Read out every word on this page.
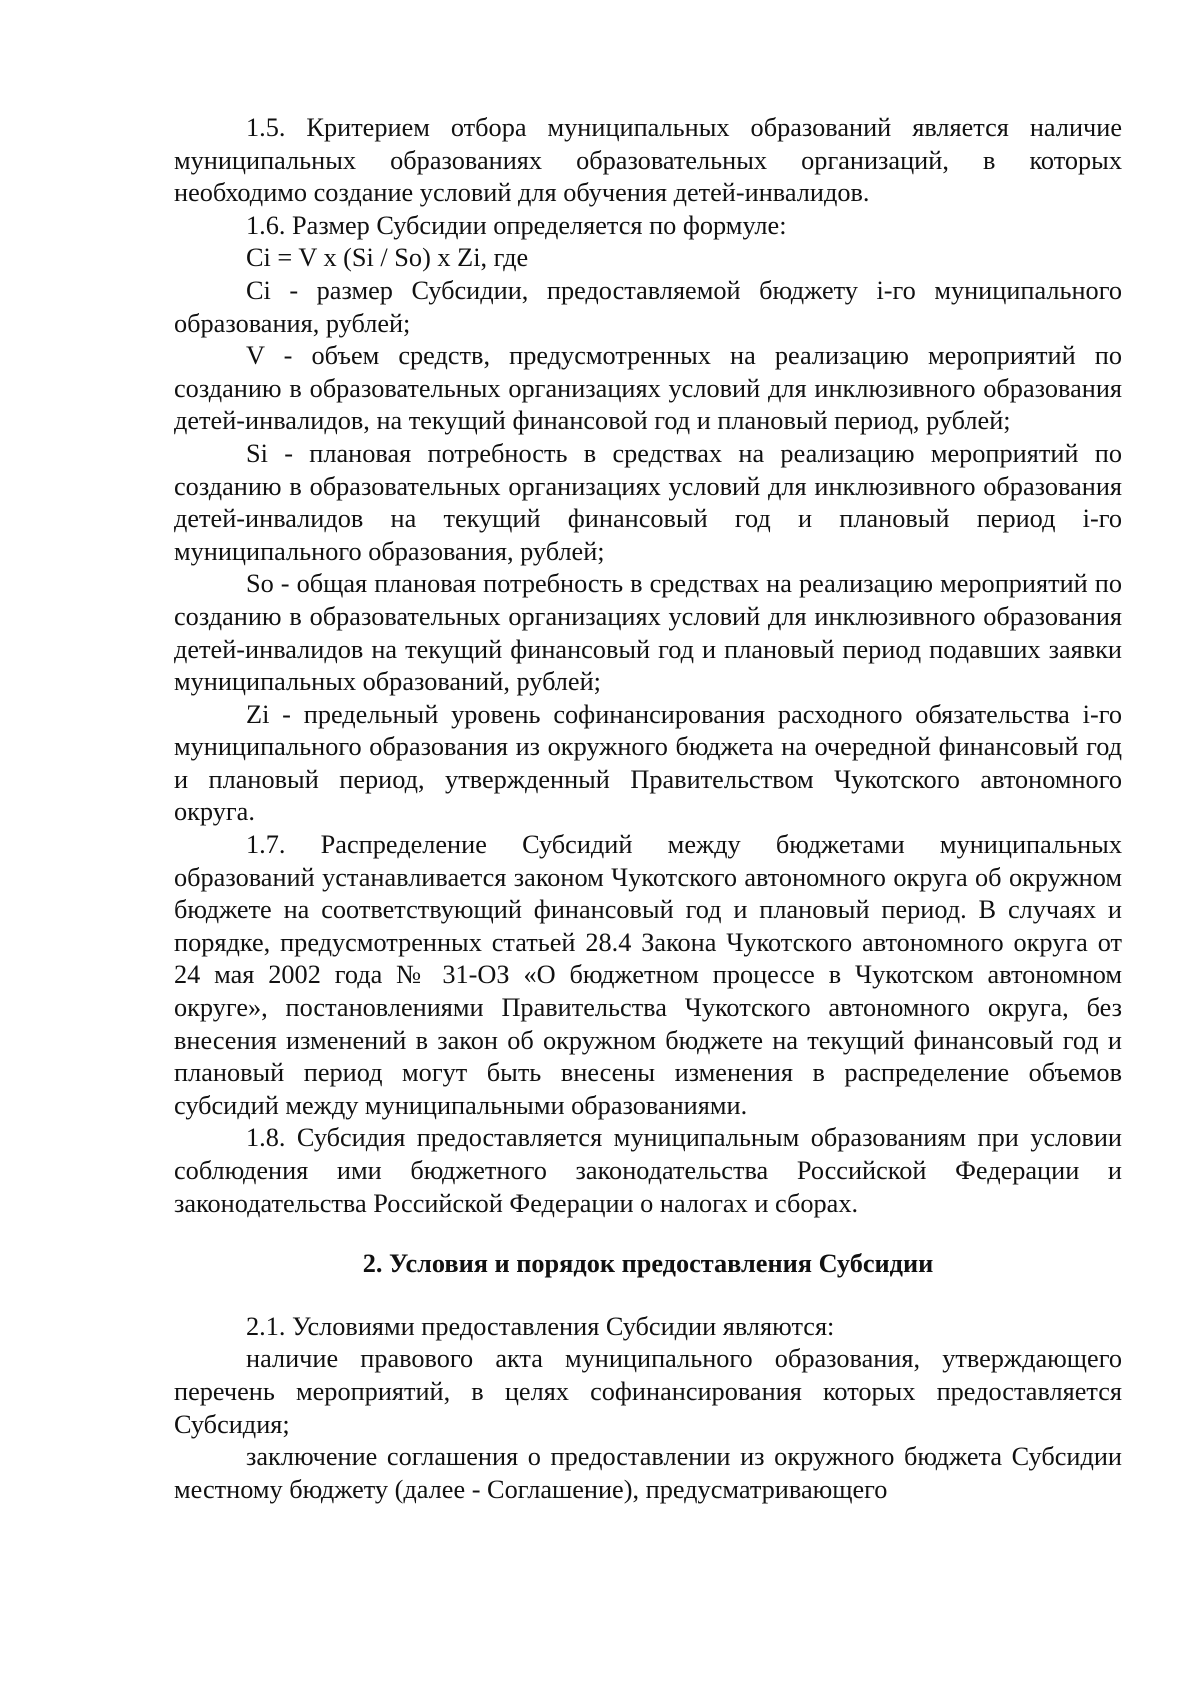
1.5. Критерием отбора муниципальных образований является наличие муниципальных образованиях образовательных организаций, в которых необходимо создание условий для обучения детей-инвалидов.

1.6. Размер Субсидии определяется по формуле:

Ci = V x (Si / So) x Zi, где

Ci - размер Субсидии, предоставляемой бюджету i-го муниципального образования, рублей;

V - объем средств, предусмотренных на реализацию мероприятий по созданию в образовательных организациях условий для инклюзивного образования детей-инвалидов, на текущий финансовой год и плановый период, рублей;

Si - плановая потребность в средствах на реализацию мероприятий по созданию в образовательных организациях условий для инклюзивного образования детей-инвалидов на текущий финансовый год и плановый период i-го муниципального образования, рублей;

So - общая плановая потребность в средствах на реализацию мероприятий по созданию в образовательных организациях условий для инклюзивного образования детей-инвалидов на текущий финансовый год и плановый период подавших заявки муниципальных образований, рублей;

Zi - предельный уровень софинансирования расходного обязательства i-го муниципального образования из окружного бюджета на очередной финансовый год и плановый период, утвержденный Правительством Чукотского автономного округа.

1.7. Распределение Субсидий между бюджетами муниципальных образований устанавливается законом Чукотского автономного округа об окружном бюджете на соответствующий финансовый год и плановый период. В случаях и порядке, предусмотренных статьей 28.4 Закона Чукотского автономного округа от 24 мая 2002 года № 31-ОЗ «О бюджетном процессе в Чукотском автономном округе», постановлениями Правительства Чукотского автономного округа, без внесения изменений в закон об окружном бюджете на текущий финансовый год и плановый период могут быть внесены изменения в распределение объемов субсидий между муниципальными образованиями.

1.8. Субсидия предоставляется муниципальным образованиям при условии соблюдения ими бюджетного законодательства Российской Федерации и законодательства Российской Федерации о налогах и сборах.

2. Условия и порядок предоставления Субсидии

2.1. Условиями предоставления Субсидии являются:

наличие правового акта муниципального образования, утверждающего перечень мероприятий, в целях софинансирования которых предоставляется Субсидия;

заключение соглашения о предоставлении из окружного бюджета Субсидии местному бюджету (далее - Соглашение), предусматривающего
